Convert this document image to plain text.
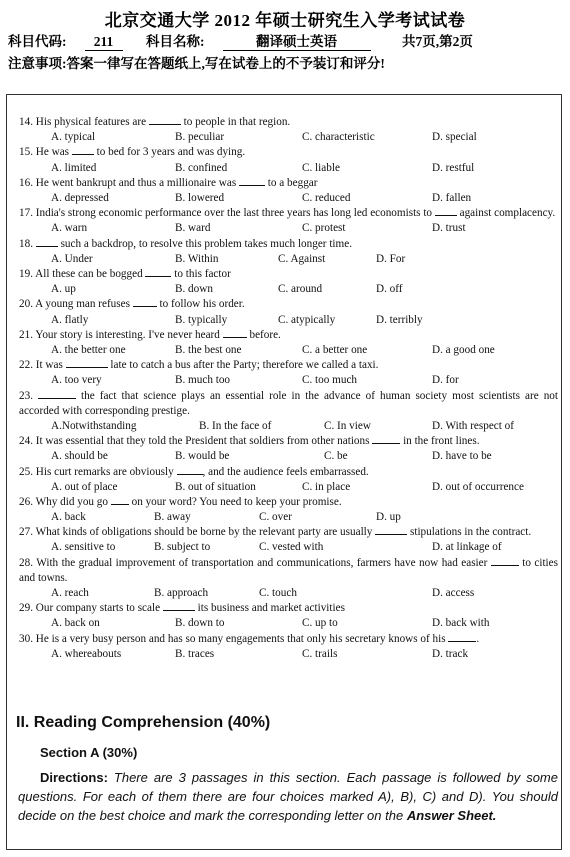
北京交通大学 2012 年硕士研究生入学考试试卷
科目代码: 211	科目名称:	翻译硕士英语	共7页,第2页
注意事项:答案一律写在答题纸上,写在试卷上的不予装订和评分!
14. His physical features are	to people in that region.
A. typical	B. peculiar	C. characteristic	D. special
15. He was  to bed for 3 years and was dying.
A. limited	B. confined	C. liable	D. restful
16. He went bankrupt and thus a millionaire was  to a beggar
A. depressed	B. lowered	C. reduced	D. fallen
17. India's strong economic performance over the last three years has long led economists to  against complacency.
A. warn	B. ward	C. protest	D. trust
18.  such a backdrop, to resolve this problem takes much longer time.
A. Under	B. Within	C. Against	D. For
19. All these can be bogged  to this factor
A. up	B. down	C. around	D. off
20. A young man refuses  to follow his order.
A. flatly	B. typically	C. atypically	D. terribly
21. Your story is interesting. I've never heard  before.
A. the better one	B. the best one	C. a better one	D. a good one
22. It was	late to catch a bus after the Party; therefore we called a taxi.
A. too very	B. much too	C. too much	D. for
23.	the fact that science plays an essential role in the advance of human society most scientists are not accorded with corresponding prestige.
A.Notwithstanding	B. In the face of	C. In view	D. With respect of
24. It was essential that they told the President that soldiers from other nations	in the front lines.
A. should be	B. would be	C. be	D. have to be
25. His curt remarks are obviously , and the audience feels embarrassed.
A. out of place	B. out of situation	C. in place	D. out of occurrence
26. Why did you go  on your word? You need to keep your promise.
A. back	B. away	C. over	D. up
27. What kinds of obligations should be borne by the relevant party are usually	stipulations in the contract.
A. sensitive to	B. subject to	C. vested with	D. at linkage of
28. With the gradual improvement of transportation and communications, farmers have now had easier	to cities and towns.
A. reach	B. approach	C. touch	D. access
29. Our company starts to scale	its business and market activities
A. back on	B. down to	C. up to	D. back with
30. He is a very busy person and has so many engagements that only his secretary knows of his	.
A. whereabouts	B. traces	C. trails	D. track
II. Reading Comprehension (40%)
Section A (30%)
Directions: There are 3 passages in this section. Each passage is followed by some questions. For each of them there are four choices marked A), B), C) and D). You should decide on the best choice and mark the corresponding letter on the Answer Sheet.
